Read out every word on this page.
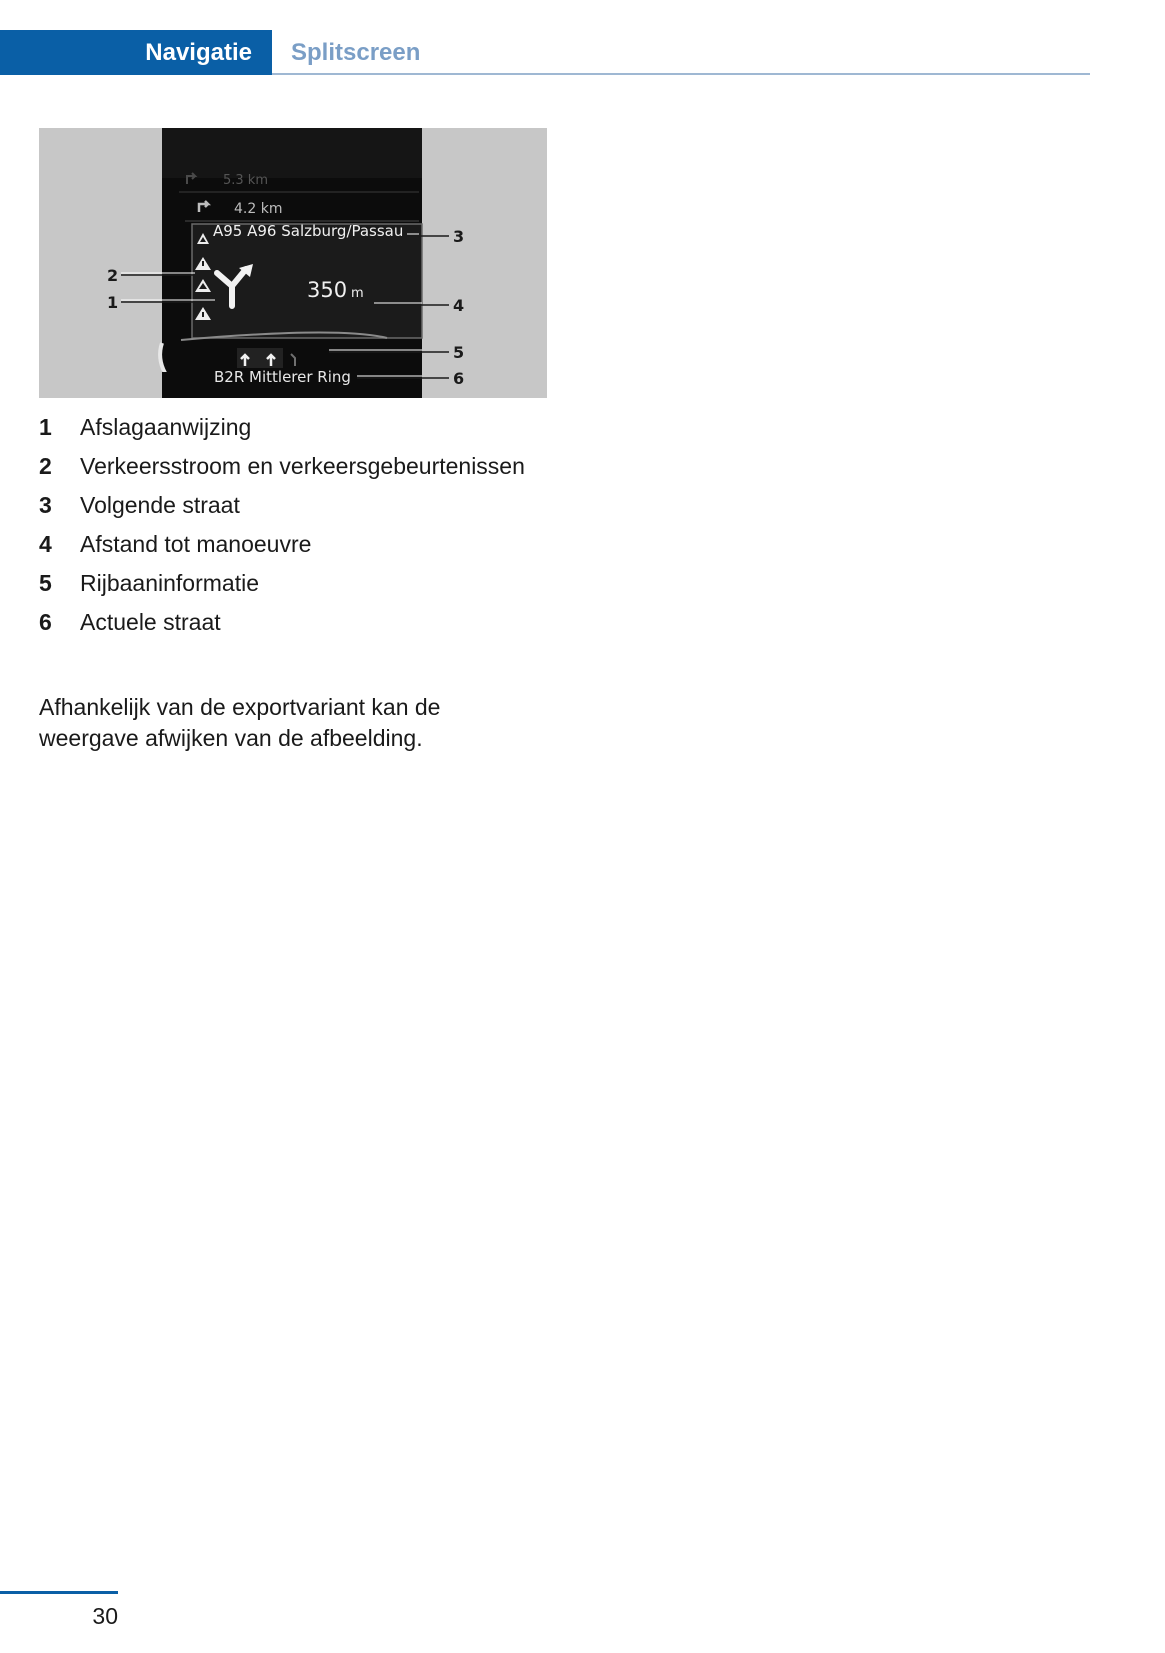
Navigatie	Splitscreen
5.3 km
4.2 km
A95 A96 Salzburg/Passau
350 m
B2R Mittlerer Ring
2
1
3
4
5
6
1 Afslagaanwijzing
2 Verkeersstroom en verkeersgebeurtenissen
3 Volgende straat
4 Afstand tot manoeuvre
5 Rijbaaninformatie
6 Actuele straat

Afhankelijk van de exportvariant kan de weergave afwijken van de afbeelding.

30
